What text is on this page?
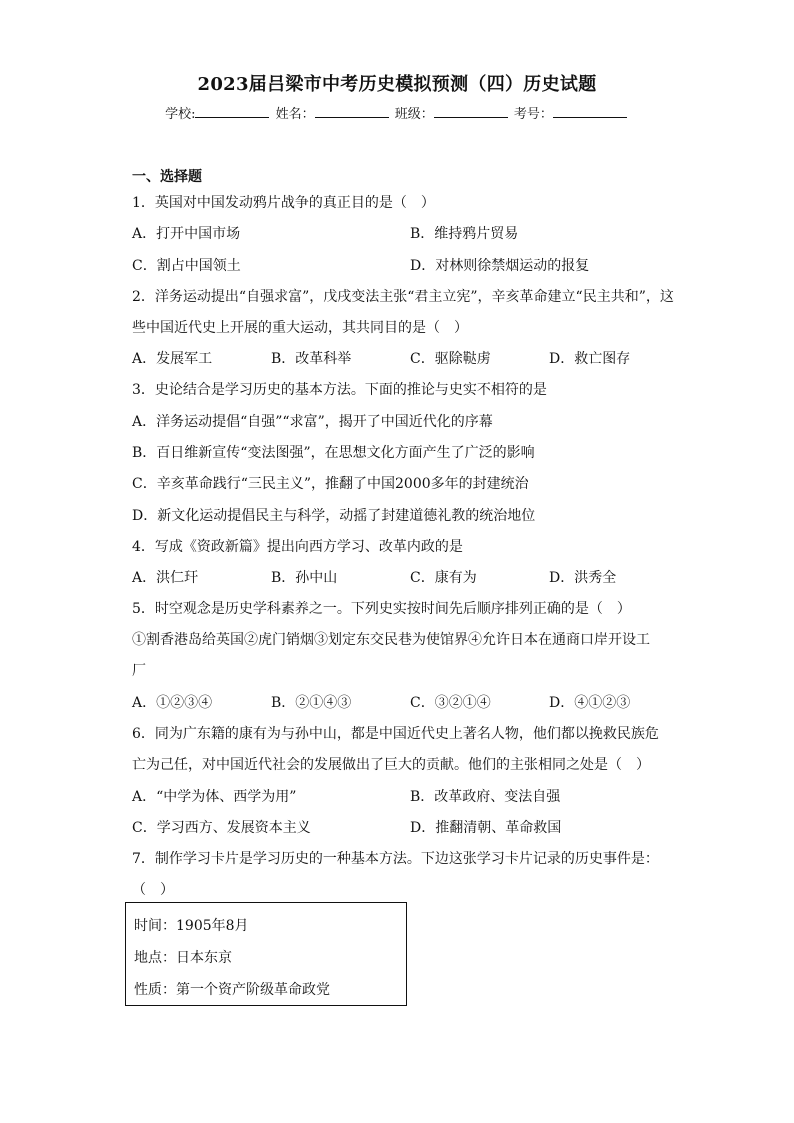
2023届吕梁市中考历史模拟预测（四）历史试题
学校:	姓名：	班级：	考号：
一、选择题
1．英国对中国发动鸦片战争的真正目的是（　）
A．打开中国市场	B．维持鸦片贸易
C．割占中国领土	D．对林则徐禁烟运动的报复
2．洋务运动提出“自强求富”，戊戌变法主张“君主立宪”，辛亥革命建立“民主共和”，这
些中国近代史上开展的重大运动，其共同目的是（　）
A．发展军工	B．改革科举	C．驱除鞑虏	D．救亡图存
3．史论结合是学习历史的基本方法。下面的推论与史实不相符的是
A．洋务运动提倡“自强”“求富”，揭开了中国近代化的序幕
B．百日维新宣传“变法图强”，在思想文化方面产生了广泛的影响
C．辛亥革命践行“三民主义”，推翻了中国2000多年的封建统治
D．新文化运动提倡民主与科学，动摇了封建道德礼教的统治地位
4．写成《资政新篇》提出向西方学习、改革内政的是
A．洪仁玕	B．孙中山	C．康有为	D．洪秀全
5．时空观念是历史学科素养之一。下列史实按时间先后顺序排列正确的是（　）
①割香港岛给英国②虎门销烟③划定东交民巷为使馆界④允许日本在通商口岸开设工
厂
A．①②③④	B．②①④③	C．③②①④	D．④①②③
6．同为广东籍的康有为与孙中山，都是中国近代史上著名人物，他们都以挽救民族危
亡为己任，对中国近代社会的发展做出了巨大的贡献。他们的主张相同之处是（　）
A．“中学为体、西学为用”	B．改革政府、变法自强
C．学习西方、发展资本主义	D．推翻清朝、革命救国
7．制作学习卡片是学习历史的一种基本方法。下边这张学习卡片记录的历史事件是：
（　）
时间：1905年8月
地点：日本东京
性质：第一个资产阶级革命政党
